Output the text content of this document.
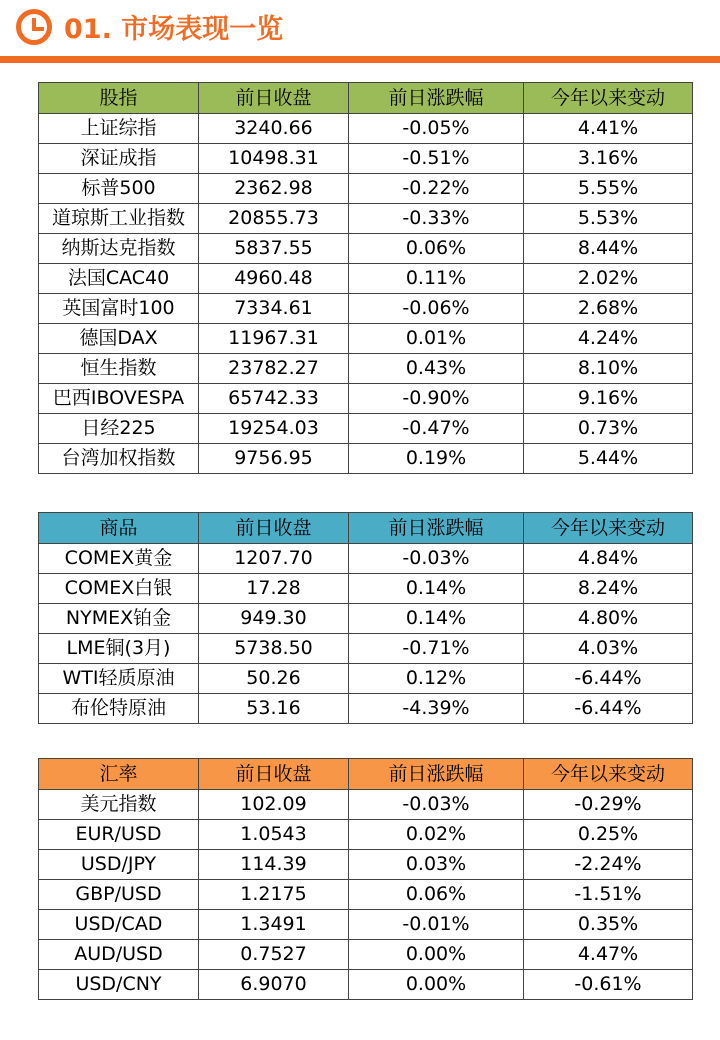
01. 市场表现一览
股指	前日收盘	前日涨跌幅	今年以来变动
上证综指	3240.66	-0.05%	4.41%
深证成指	10498.31	-0.51%	3.16%
标普500	2362.98	-0.22%	5.55%
道琼斯工业指数	20855.73	-0.33%	5.53%
纳斯达克指数	5837.55	0.06%	8.44%
法国CAC40	4960.48	0.11%	2.02%
英国富时100	7334.61	-0.06%	2.68%
德国DAX	11967.31	0.01%	4.24%
恒生指数	23782.27	0.43%	8.10%
巴西IBOVESPA	65742.33	-0.90%	9.16%
日经225	19254.03	-0.47%	0.73%
台湾加权指数	9756.95	0.19%	5.44%
商品	前日收盘	前日涨跌幅	今年以来变动
COMEX黄金	1207.70	-0.03%	4.84%
COMEX白银	17.28	0.14%	8.24%
NYMEX铂金	949.30	0.14%	4.80%
LME铜(3月)	5738.50	-0.71%	4.03%
WTI轻质原油	50.26	0.12%	-6.44%
布伦特原油	53.16	-4.39%	-6.44%
汇率	前日收盘	前日涨跌幅	今年以来变动
美元指数	102.09	-0.03%	-0.29%
EUR/USD	1.0543	0.02%	0.25%
USD/JPY	114.39	0.03%	-2.24%
GBP/USD	1.2175	0.06%	-1.51%
USD/CAD	1.3491	-0.01%	0.35%
AUD/USD	0.7527	0.00%	4.47%
USD/CNY	6.9070	0.00%	-0.61%
